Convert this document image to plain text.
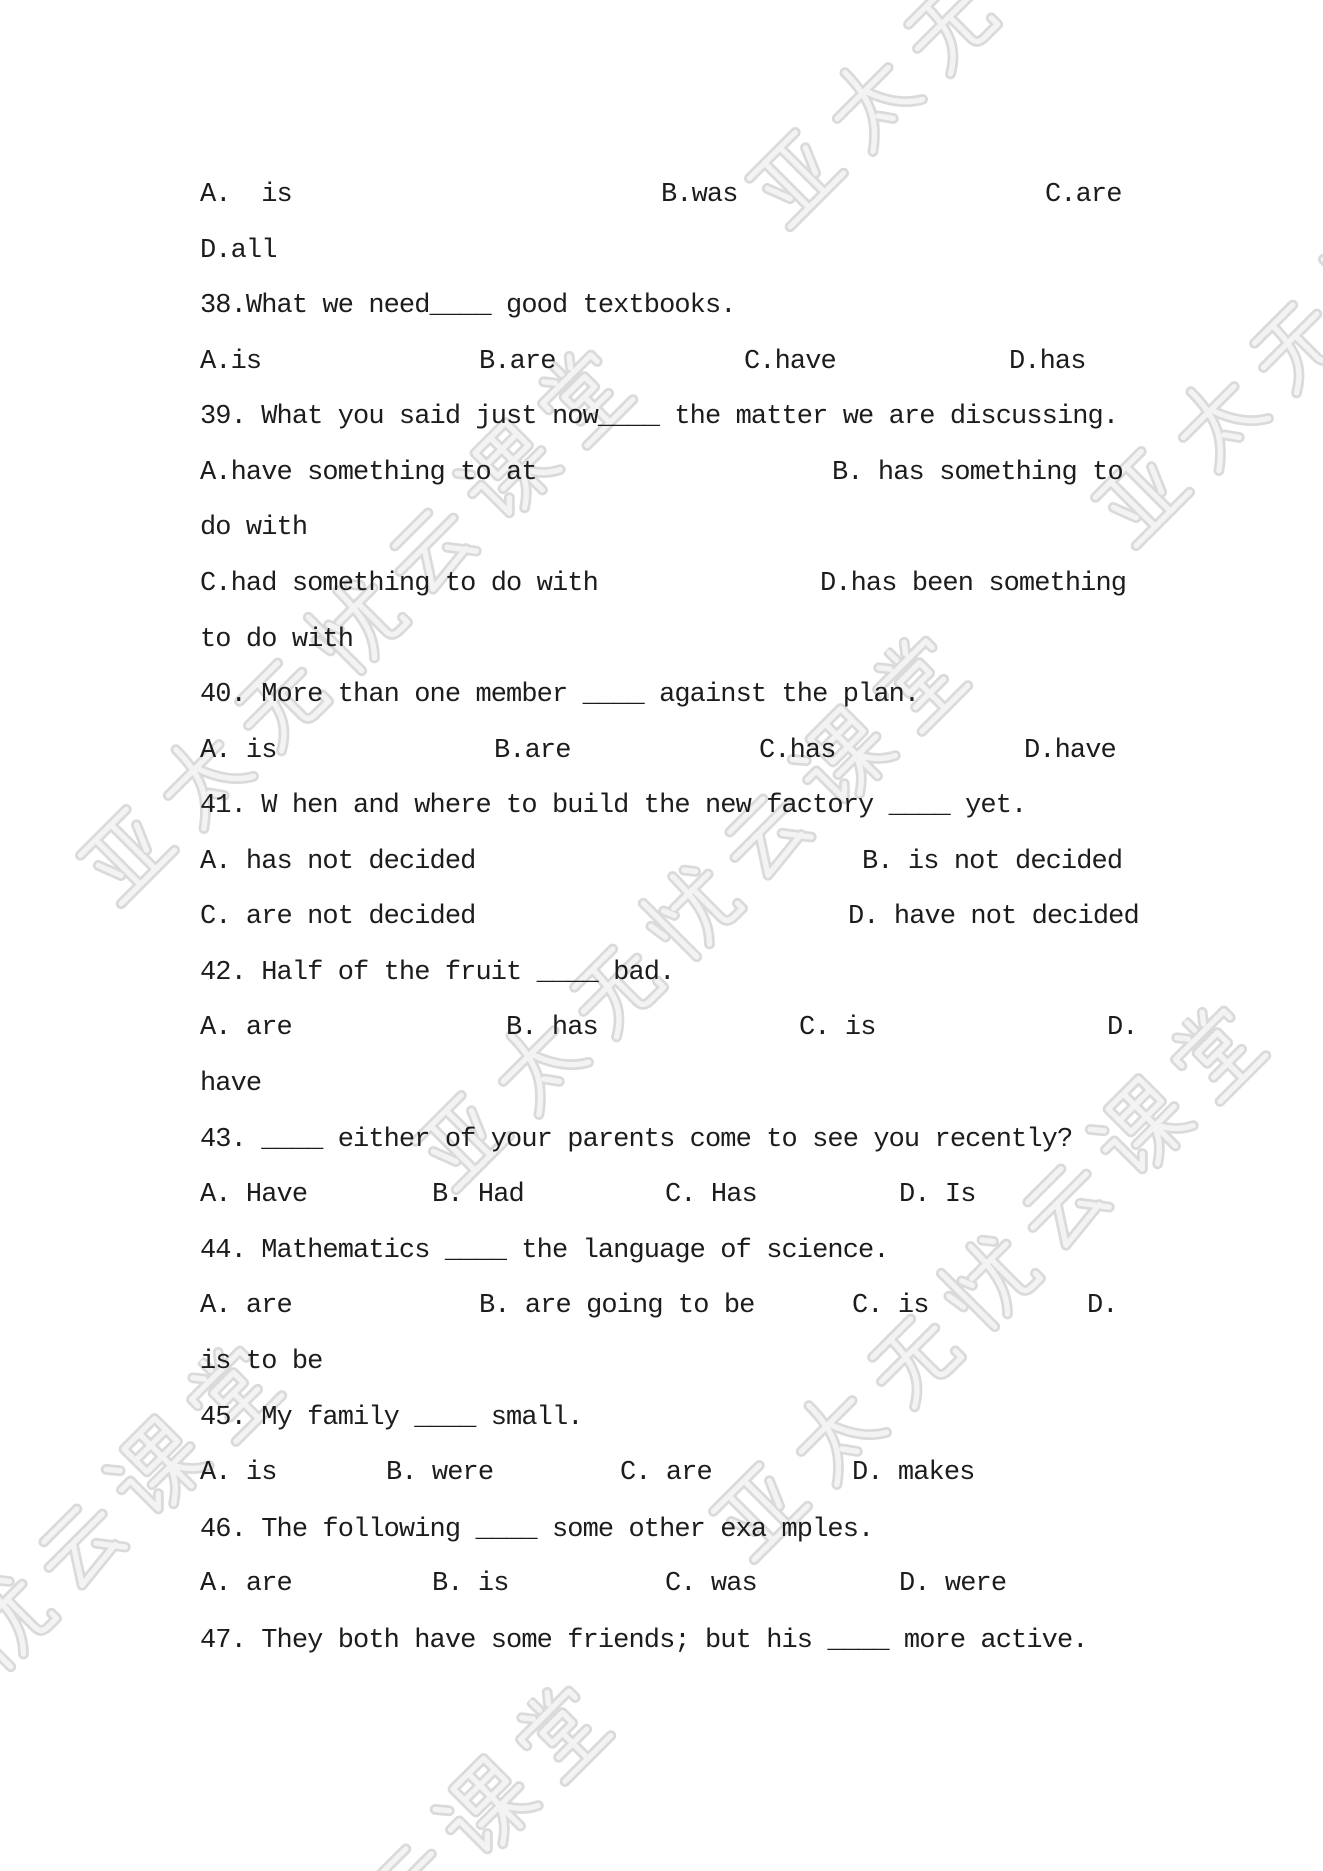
A.  is	B.was	C.are
D.all
38.What we need____ good textbooks.
A.is	B.are	C.have	D.has
39. What you said just now____ the matter we are discussing.
A.have something to at	B. has something to
do with
C.had something to do with	D.has been something
to do with
40. More than one member ____ against the plan.
A. is	B.are	C.has	D.have
41. W hen and where to build the new factory ____ yet.
A. has not decided	B. is not decided
C. are not decided	D. have not decided
42. Half of the fruit ____ bad.
A. are	B. has	C. is	D.
have
43. ____ either of your parents come to see you recently?
A. Have	B. Had	C. Has	D. Is
44. Mathematics ____ the language of science.
A. are	B. are going to be	C. is	D.
is to be
45. My family ____ small.
A. is	B. were	C. are	D. makes
46. The following ____ some other exa mples.
A. are	B. is	C. was	D. were
47. They both have some friends; but his ____ more active.
